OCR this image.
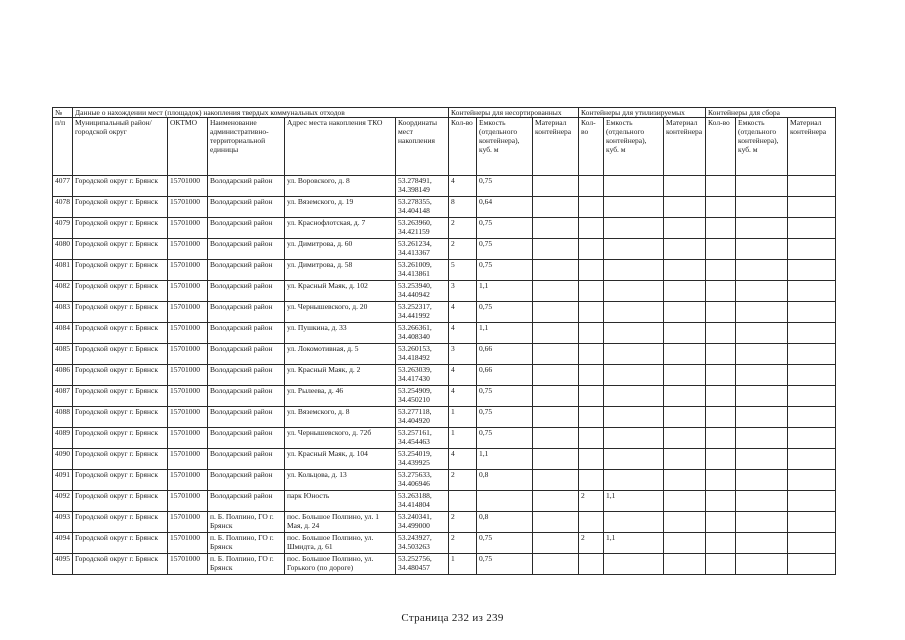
№	Данные о нахождении мест (площадок) накопления твердых коммунальных отходов					Контейнеры для несортированных			Контейнеры для утилизируемых			Контейнеры для сбора		
п/п	Муниципальный район/городской округ	ОКТМО	Наименование административно-территориальной единицы	Адрес места накопления ТКО	Координаты мест накопления	Кол-во	Емкость (отдельного контейнера), куб. м	Материал контейнера	Кол-во	Емкость (отдельного контейнера), куб. м	Материал контейнера	Кол-во	Емкость (отдельного контейнера), куб. м	Материал контейнера
4077	Городской округ г. Брянск	15701000	Володарский район	ул. Воровского, д. 8	53.278491, 34.398149	4	0,75							
4078	Городской округ г. Брянск	15701000	Володарский район	ул. Вяземского, д. 19	53.278355, 34.404148	8	0,64							
4079	Городской округ г. Брянск	15701000	Володарский район	ул. Краснофлотская, д. 7	53.263960, 34.421159	2	0,75							
4080	Городской округ г. Брянск	15701000	Володарский район	ул. Димитрова, д. 60	53.261234, 34.413367	2	0,75							
4081	Городской округ г. Брянск	15701000	Володарский район	ул. Димитрова, д. 58	53.261009, 34.413861	5	0,75							
4082	Городской округ г. Брянск	15701000	Володарский район	ул. Красный Маяк, д. 102	53.253940, 34.440942	3	1,1							
4083	Городской округ г. Брянск	15701000	Володарский район	ул. Чернышевского, д. 20	53.252317, 34.441992	4	0,75							
4084	Городской округ г. Брянск	15701000	Володарский район	ул. Пушкина, д. 33	53.266361, 34.408340	4	1,1							
4085	Городской округ г. Брянск	15701000	Володарский район	ул. Локомотивная, д. 5	53.260153, 34.418492	3	0,66							
4086	Городской округ г. Брянск	15701000	Володарский район	ул. Красный Маяк, д. 2	53.263039, 34.417430	4	0,66							
4087	Городской округ г. Брянск	15701000	Володарский район	ул. Рылеева, д. 46	53.254909, 34.450210	4	0,75							
4088	Городской округ г. Брянск	15701000	Володарский район	ул. Вяземского, д. 8	53.277118, 34.404920	1	0,75							
4089	Городской округ г. Брянск	15701000	Володарский район	ул. Чернышевского, д. 72б	53.257161, 34.454463	1	0,75							
4090	Городской округ г. Брянск	15701000	Володарский район	ул. Красный Маяк, д. 104	53.254019, 34.439925	4	1,1							
4091	Городской округ г. Брянск	15701000	Володарский район	ул. Кольцова, д. 13	53.275633, 34.406946	2	0,8							
4092	Городской округ г. Брянск	15701000	Володарский район	парк Юность	53.263188, 34.414804				2	1,1				
4093	Городской округ г. Брянск	15701000	п. Б. Полпино, ГО г. Брянск	пос. Большое Полпино, ул. 1 Мая, д. 24	53.240341, 34.499000	2	0,8							
4094	Городской округ г. Брянск	15701000	п. Б. Полпино, ГО г. Брянск	пос. Большое Полпино, ул. Шмидта, д. 61	53.243927, 34.503263	2	0,75		2	1,1				
4095	Городской округ г. Брянск	15701000	п. Б. Полпино, ГО г. Брянск	пос. Большое Полпино, ул. Горького (по дороге)	53.252756, 34.480457	1	0,75							
Страница 232 из 239
